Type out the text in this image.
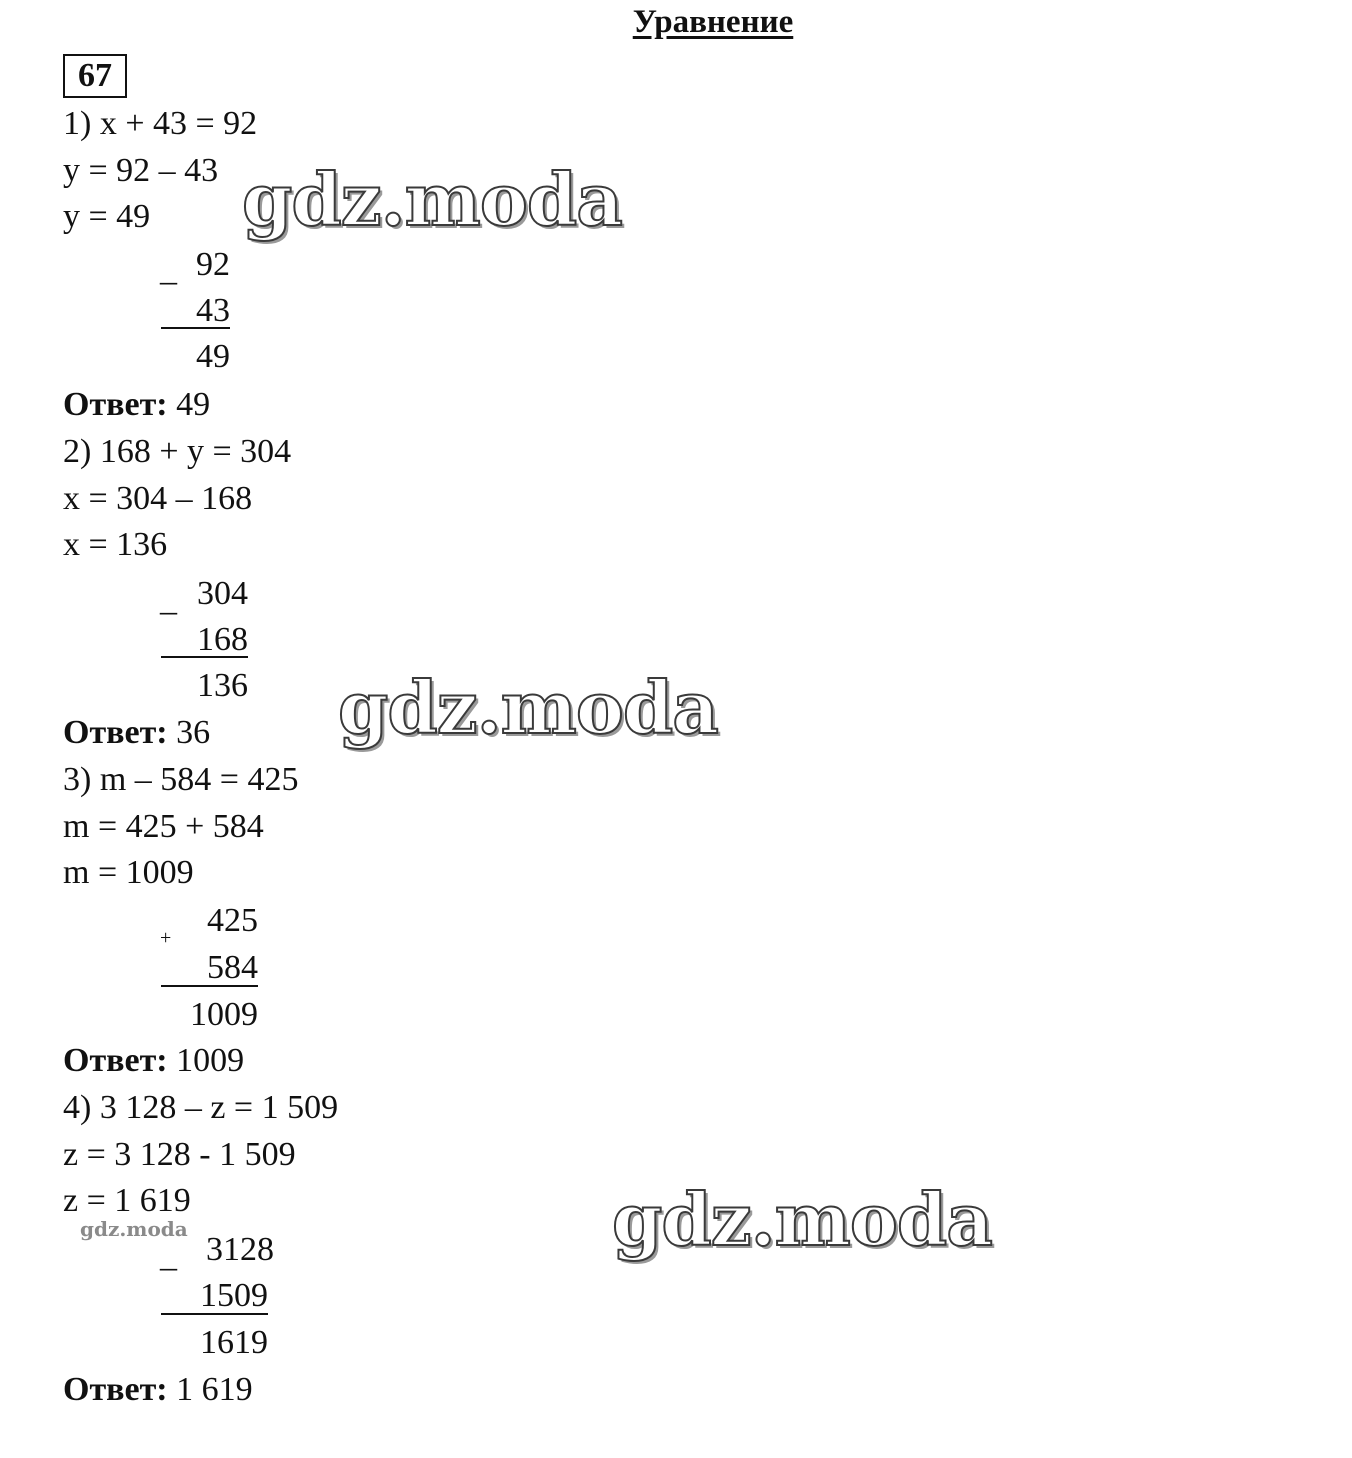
Уравнение
67
1) x + 43 = 92
y = 92 – 43
y = 49
_ 92
43
49
Ответ: 49
2) 168 + y = 304
x = 304 – 168
x = 136
_ 304
168
136
Ответ: 36
3) m – 584 = 425
m = 425 + 584
m = 1009
+	425
584
1009
Ответ: 1009
4) 3 128 – z = 1 509
z = 3 128 - 1 509
z = 1 619
_ 3128
1509
1619
Ответ: 1 619
gdz.moda
gdz.moda
gdz.moda
gdz.moda
